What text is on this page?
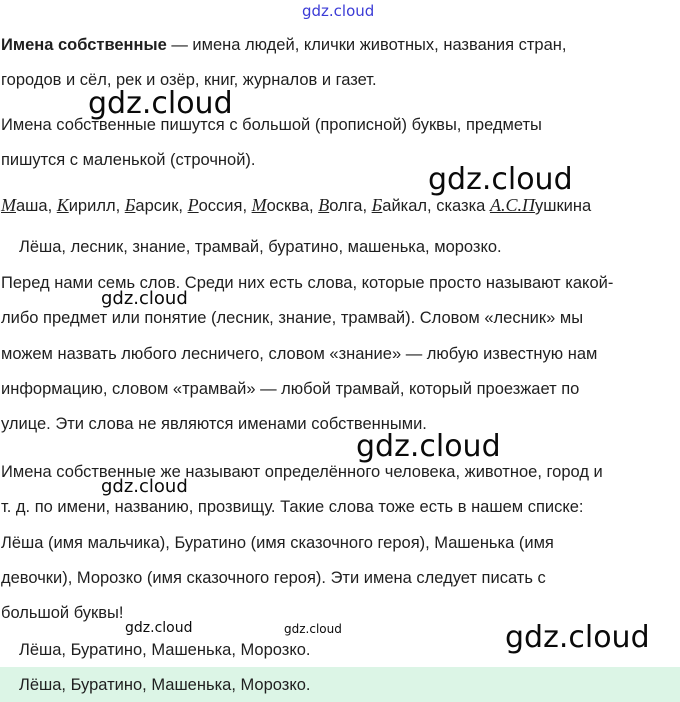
gdz.cloud
gdz.cloud
gdz.cloud
gdz.cloud
gdz.cloud
gdz.cloud
gdz.cloud	gdz.cloud	gdz.cloud
Имена собственные — имена людей, клички животных, названия стран,
городов и сёл, рек и озёр, книг, журналов и газет.
Имена собственные пишутся с большой (прописной) буквы, предметы
пишутся с маленькой (строчной).
Маша, Кирилл, Барсик, Россия, Москва, Волга, Байкал, сказка А.С.Пушкина
Лёша, лесник, знание, трамвай, буратино, машенька, морозко.
Перед нами семь слов. Среди них есть слова, которые просто называют какой-
либо предмет или понятие (лесник, знание, трамвай). Словом «лесник» мы
можем назвать любого лесничего, словом «знание» — любую известную нам
информацию, словом «трамвай» — любой трамвай, который проезжает по
улице. Эти слова не являются именами собственными.
Имена собственные же называют определённого человека, животное, город и
т. д. по имени, названию, прозвищу. Такие слова тоже есть в нашем списке:
Лёша (имя мальчика), Буратино (имя сказочного героя), Машенька (имя
девочки), Морозко (имя сказочного героя). Эти имена следует писать с
большой буквы!
Лёша, Буратино, Машенька, Морозко.
Лёша, Буратино, Машенька, Морозко.
